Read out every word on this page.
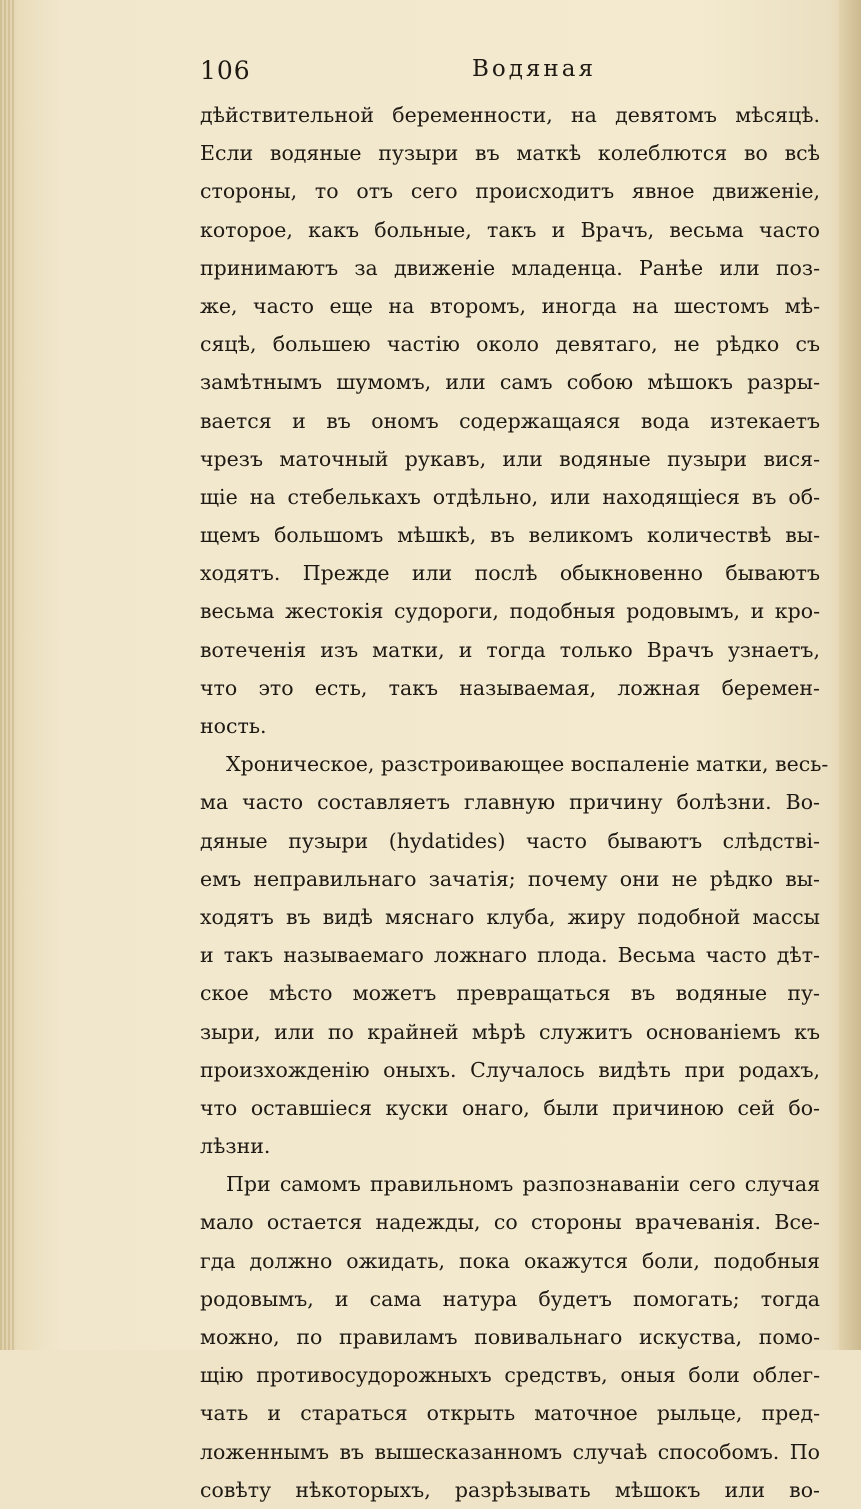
106	Водяная
дѣйствительной беременности, на девятомъ мѣсяцѣ.
Если водяные пузыри въ маткѣ колеблются во всѣ
стороны, то отъ сего происходитъ явное движеніе,
которое, какъ больные, такъ и Врачъ, весьма часто
принимаютъ за движеніе младенца. Ранѣе или поз-
же, часто еще на второмъ, иногда на шестомъ мѣ-
сяцѣ, большею частію около девятаго, не рѣдко съ
замѣтнымъ шумомъ, или самъ собою мѣшокъ разры-
вается и въ ономъ содержащаяся вода изтекаетъ
чрезъ маточный рукавъ, или водяные пузыри вися-
щіе на стебелькахъ отдѣльно, или находящіеся въ об-
щемъ большомъ мѣшкѣ, въ великомъ количествѣ вы-
ходятъ. Прежде или послѣ обыкновенно бываютъ
весьма жестокія судороги, подобныя родовымъ, и кро-
вотеченія изъ матки, и тогда только Врачъ узнаетъ,
что это есть, такъ называемая, ложная беремен-
ность.
Хроническое, разстроивающее воспаленіе матки, весь-
ма часто составляетъ главную причину болѣзни. Во-
дяные пузыри (hydatides) часто бываютъ слѣдстві-
емъ неправильнаго зачатія; почему они не рѣдко вы-
ходятъ въ видѣ мяснаго клуба, жиру подобной массы
и такъ называемаго ложнаго плода. Весьма часто дѣт-
ское мѣсто можетъ превращаться въ водяные пу-
зыри, или по крайней мѣрѣ служитъ основаніемъ къ
произхожденію оныхъ. Случалось видѣть при родахъ,
что оставшіеся куски онаго, были причиною сей бо-
лѣзни.
При самомъ правильномъ разпознаваніи сего случая
мало остается надежды, со стороны врачеванія. Все-
гда должно ожидать, пока окажутся боли, подобныя
родовымъ, и сама натура будетъ помогать; тогда
можно, по правиламъ повивальнаго искуства, помо-
щію противосудорожныхъ средствъ, оныя боли облег-
чать и стараться открыть маточное рыльце, пред-
ложеннымъ въ вышесказанномъ случаѣ способомъ. По
совѣту нѣкоторыхъ, разрѣзывать мѣшокъ или во-
